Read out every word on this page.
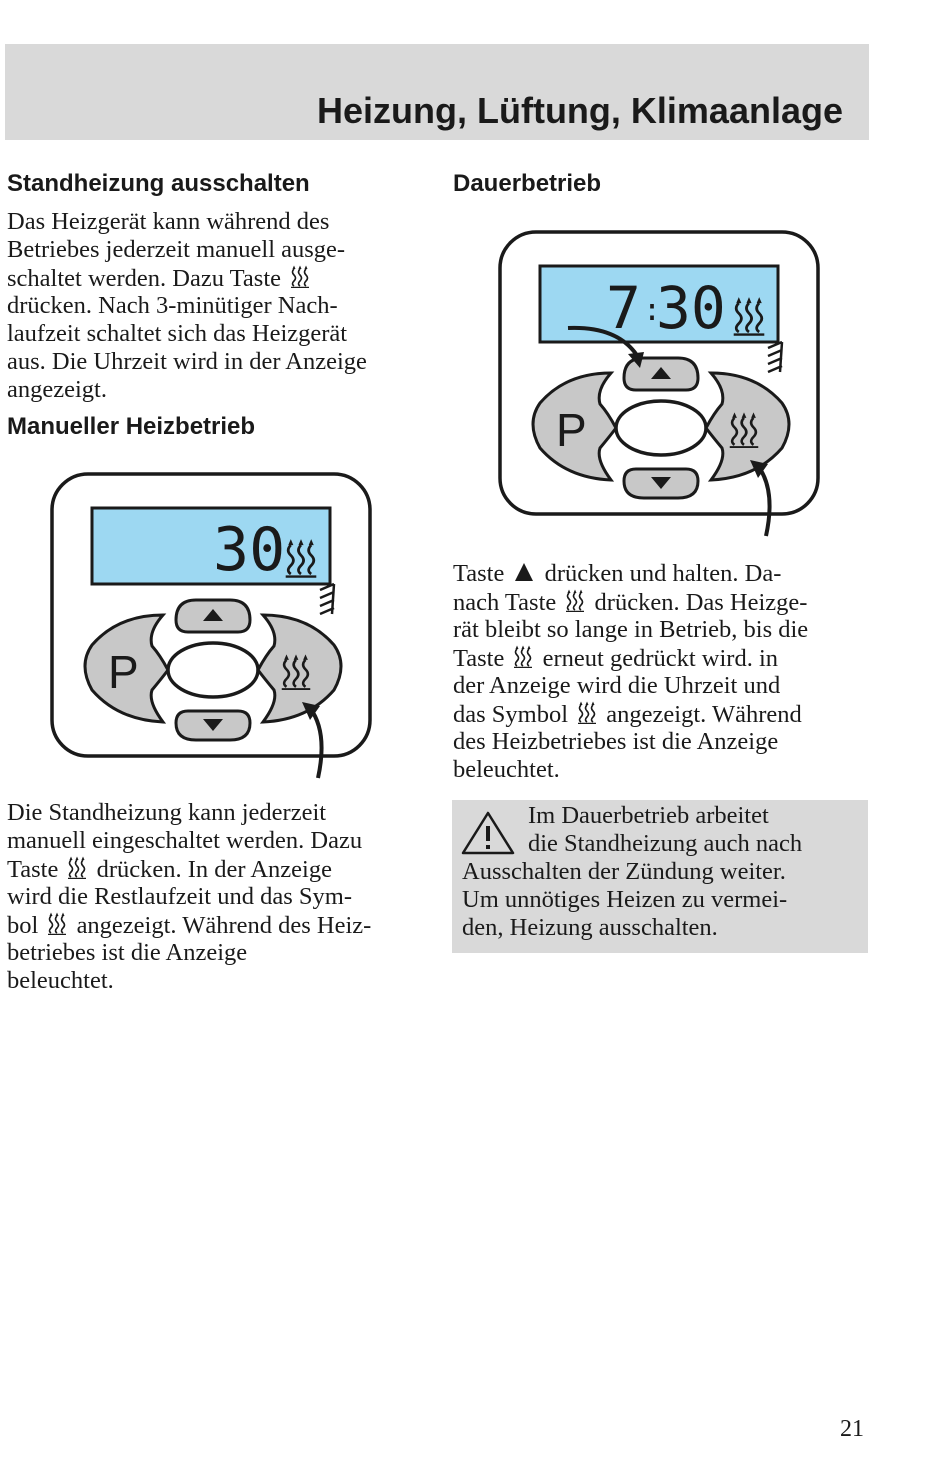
Heizung, Lüftung, Klimaanlage
Standheizung ausschalten
Das Heizgerät kann während des
Betriebes jederzeit manuell ausge-
schaltet werden. Dazu Taste
drücken. Nach 3-minütiger Nach-
laufzeit schaltet sich das Heizgerät
aus. Die Uhrzeit wird in der Anzeige
angezeigt.
Manueller Heizbetrieb
30
P
Die Standheizung kann jederzeit
manuell eingeschaltet werden. Dazu
Taste drücken. In der Anzeige
wird die Restlaufzeit und das Sym-
bol angezeigt. Während des Heiz-
betriebes ist die Anzeige
beleuchtet.
Dauerbetrieb
7 :
30
P
Taste drücken und halten. Da-
nach Taste drücken. Das Heizge-
rät bleibt so lange in Betrieb, bis die
Taste erneut gedrückt wird. in
der Anzeige wird die Uhrzeit und
das Symbol angezeigt. Während
des Heizbetriebes ist die Anzeige
beleuchtet.
Im Dauerbetrieb arbeitet
die Standheizung auch nach
Ausschalten der Zündung weiter.
Um unnötiges Heizen zu vermei-
den, Heizung ausschalten.
21
